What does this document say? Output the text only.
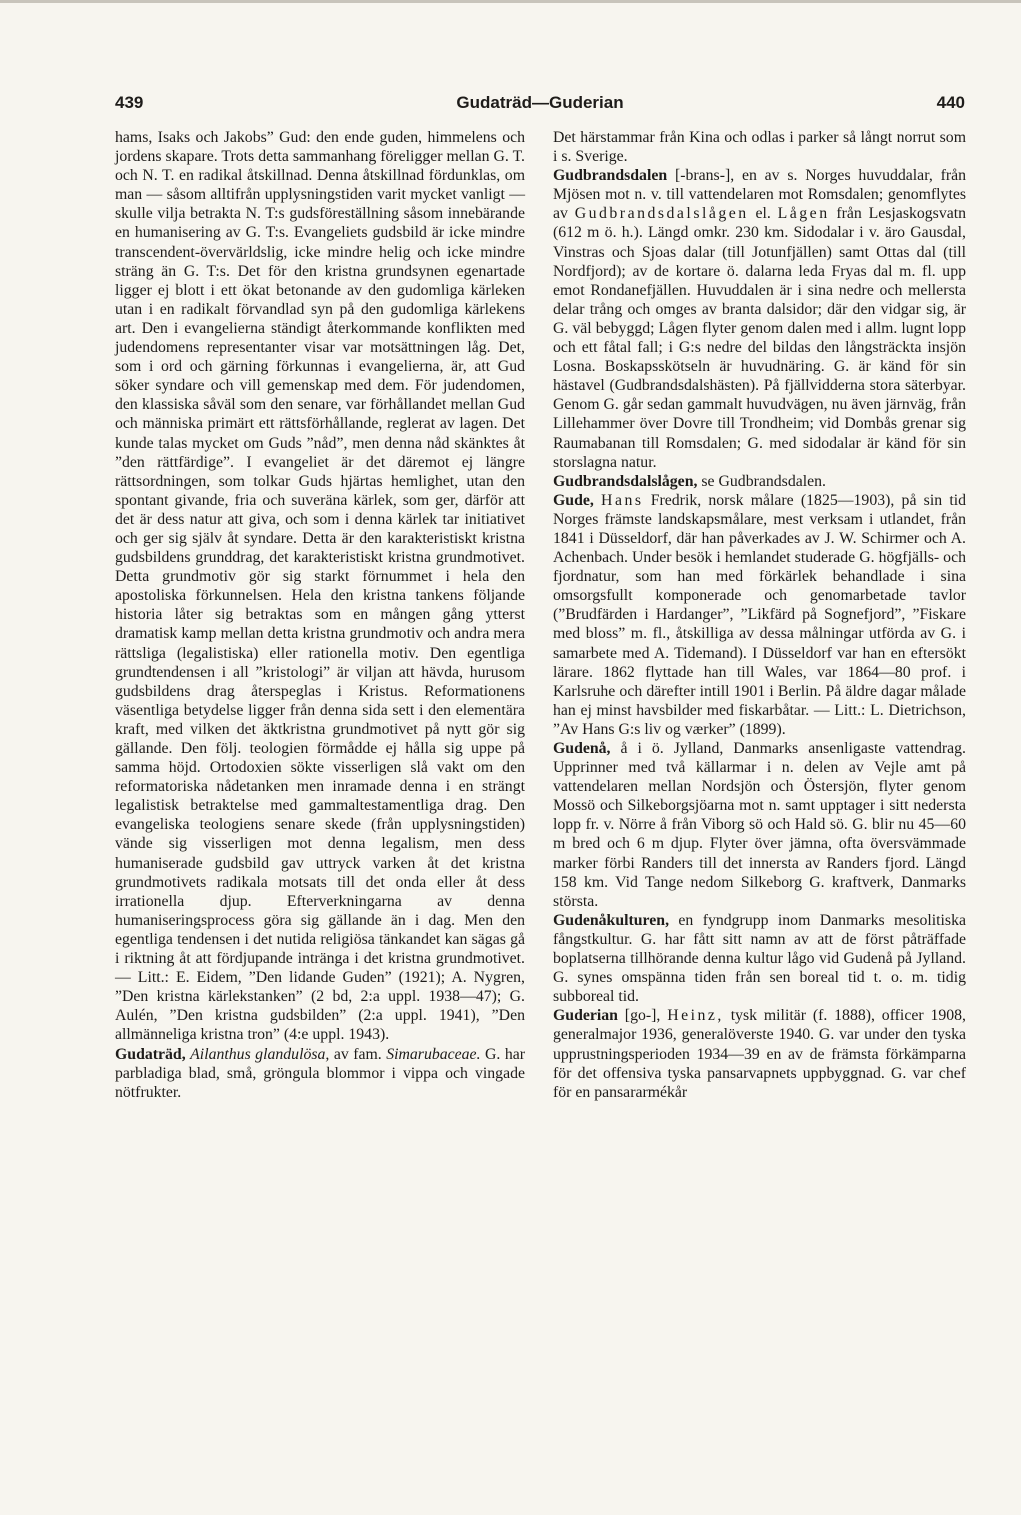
439	Gudaträd—Guderian	440

hams, Isaks och Jakobs” Gud: den ende guden, himmelens och jordens skapare. Trots detta sammanhang föreligger mellan G. T. och N. T. en radikal åtskillnad. Denna åtskillnad fördunklas, om man — såsom alltifrån upplysningstiden varit mycket vanligt — skulle vilja betrakta N. T:s gudsföreställning såsom innebärande en humanisering av G. T:s. Evangeliets gudsbild är icke mindre transcendent-övervärldslig, icke mindre helig och icke mindre sträng än G. T:s. Det för den kristna grundsynen egenartade ligger ej blott i ett ökat betonande av den gudomliga kärleken utan i en radikalt förvandlad syn på den gudomliga kärlekens art. Den i evangelierna ständigt återkommande konflikten med judendomens representanter visar var motsättningen låg. Det, som i ord och gärning förkunnas i evangelierna, är, att Gud söker syndare och vill gemenskap med dem. För judendomen, den klassiska såväl som den senare, var förhållandet mellan Gud och människa primärt ett rättsförhållande, reglerat av lagen. Det kunde talas mycket om Guds ”nåd”, men denna nåd skänktes åt ”den rättfärdige”. I evangeliet är det däremot ej längre rättsordningen, som tolkar Guds hjärtas hemlighet, utan den spontant givande, fria och suveräna kärlek, som ger, därför att det är dess natur att giva, och som i denna kärlek tar initiativet och ger sig själv åt syndare. Detta är den karakteristiskt kristna gudsbildens grunddrag, det karakteristiskt kristna grundmotivet. Detta grundmotiv gör sig starkt förnummet i hela den apostoliska förkunnelsen. Hela den kristna tankens följande historia låter sig betraktas som en mången gång ytterst dramatisk kamp mellan detta kristna grundmotiv och andra mera rättsliga (legalistiska) eller rationella motiv. Den egentliga grundtendensen i all ”kristologi” är viljan att hävda, hurusom gudsbildens drag återspeglas i Kristus. Reformationens väsentliga betydelse ligger från denna sida sett i den elementära kraft, med vilken det äktkristna grundmotivet på nytt gör sig gällande. Den följ. teologien förmådde ej hålla sig uppe på samma höjd. Ortodoxien sökte visserligen slå vakt om den reformatoriska nådetanken men inramade denna i en strängt legalistisk betraktelse med gammaltestamentliga drag. Den evangeliska teologiens senare skede (från upplysningstiden) vände sig visserligen mot denna legalism, men dess humaniserade gudsbild gav uttryck varken åt det kristna grundmotivets radikala motsats till det onda eller åt dess irrationella djup. Efterverkningarna av denna humaniseringsprocess göra sig gällande än i dag. Men den egentliga tendensen i det nutida religiösa tänkandet kan sägas gå i riktning åt att fördjupande intränga i det kristna grundmotivet. — Litt.: E. Eidem, ”Den lidande Guden” (1921); A. Nygren, ”Den kristna kärlekstanken” (2 bd, 2:a uppl. 1938—47); G. Aulén, ”Den kristna gudsbilden” (2:a uppl. 1941), ”Den allmänneliga kristna tron” (4:e uppl. 1943).

Gudaträd, Ailanthus glandulösa, av fam. Simarubaceae. G. har parbladiga blad, små, gröngula blommor i vippa och vingade nötfrukter.

Det härstammar från Kina och odlas i parker så långt norrut som i s. Sverige.

Gudbrandsdalen [-brans-], en av s. Norges huvuddalar, från Mjösen mot n. v. till vattendelaren mot Romsdalen; genomflytes av Gudbrandsdalslågen el. Lågen från Lesjaskogsvatn (612 m ö. h.). Längd omkr. 230 km. Sidodalar i v. äro Gausdal, Vinstras och Sjoas dalar (till Jotunfjällen) samt Ottas dal (till Nordfjord); av de kortare ö. dalarna leda Fryas dal m. fl. upp emot Rondanefjällen. Huvuddalen är i sina nedre och mellersta delar trång och omges av branta dalsidor; där den vidgar sig, är G. väl bebyggd; Lågen flyter genom dalen med i allm. lugnt lopp och ett fåtal fall; i G:s nedre del bildas den långsträckta insjön Losna. Boskapsskötseln är huvudnäring. G. är känd för sin hästavel (Gudbrandsdalshästen). På fjällvidderna stora säterbyar. Genom G. går sedan gammalt huvudvägen, nu även järnväg, från Lillehammer över Dovre till Trondheim; vid Dombås grenar sig Raumabanan till Romsdalen; G. med sidodalar är känd för sin storslagna natur.

Gudbrandsdalslågen, se Gudbrandsdalen.

Gude, Hans Fredrik, norsk målare (1825—1903), på sin tid Norges främste landskapsmålare, mest verksam i utlandet, från 1841 i Düsseldorf, där han påverkades av J. W. Schirmer och A. Achenbach. Under besök i hemlandet studerade G. högfjälls- och fjordnatur, som han med förkärlek behandlade i sina omsorgsfullt komponerade och genomarbetade tavlor (”Brudfärden i Hardanger”, ”Likfärd på Sognefjord”, ”Fiskare med bloss” m. fl., åtskilliga av dessa målningar utförda av G. i samarbete med A. Tidemand). I Düsseldorf var han en eftersökt lärare. 1862 flyttade han till Wales, var 1864—80 prof. i Karlsruhe och därefter intill 1901 i Berlin. På äldre dagar målade han ej minst havsbilder med fiskarbåtar. — Litt.: L. Dietrichson, ”Av Hans G:s liv og værker” (1899).

Gudenå, å i ö. Jylland, Danmarks ansenligaste vattendrag. Upprinner med två källarmar i n. delen av Vejle amt på vattendelaren mellan Nordsjön och Östersjön, flyter genom Mossö och Silkeborgsjöarna mot n. samt upptager i sitt nedersta lopp fr. v. Nörre å från Viborg sö och Hald sö. G. blir nu 45—60 m bred och 6 m djup. Flyter över jämna, ofta översvämmade marker förbi Randers till det innersta av Randers fjord. Längd 158 km. Vid Tange nedom Silkeborg G. kraftverk, Danmarks största.

Gudenåkulturen, en fyndgrupp inom Danmarks mesolitiska fångstkultur. G. har fått sitt namn av att de först påträffade boplatserna tillhörande denna kultur lågo vid Gudenå på Jylland. G. synes omspänna tiden från sen boreal tid t. o. m. tidig subboreal tid.

Guderian [go-], Heinz, tysk militär (f. 1888), officer 1908, generalmajor 1936, generalöverste 1940. G. var under den tyska upprustningsperioden 1934—39 en av de främsta förkämparna för det offensiva tyska pansarvapnets uppbyggnad. G. var chef för en pansararmékår
